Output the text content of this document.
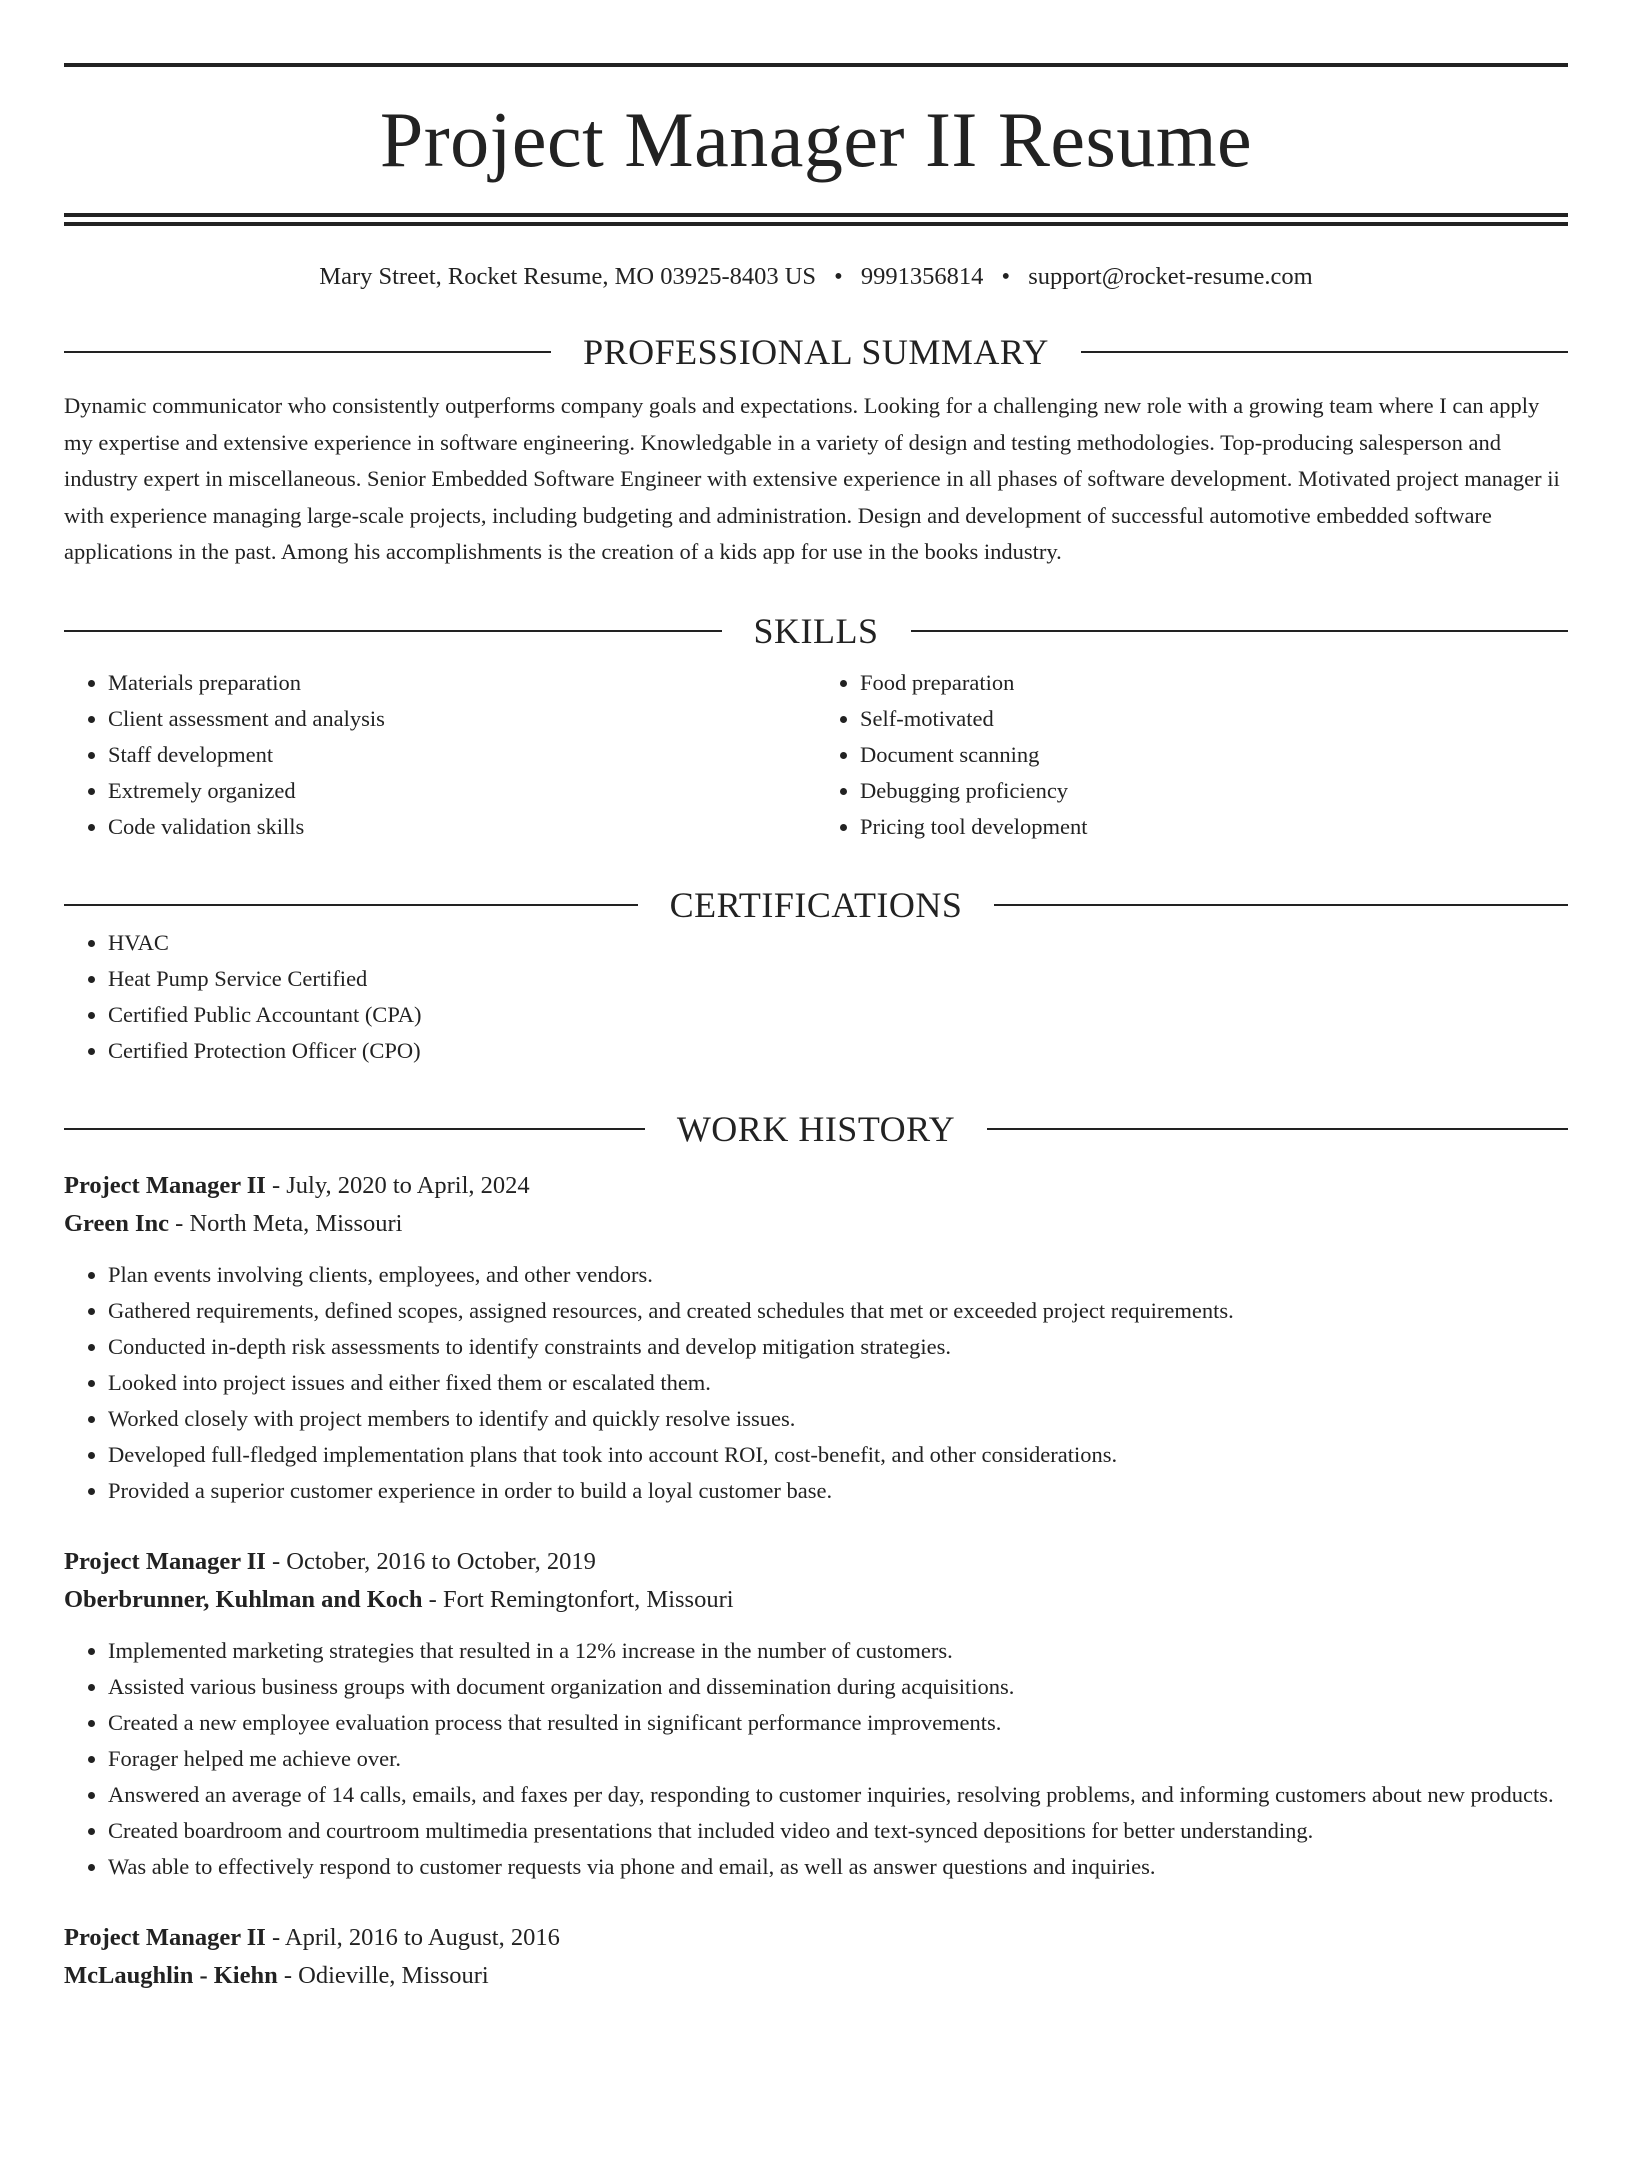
Project Manager II Resume
Mary Street, Rocket Resume, MO 03925-8403 US • 9991356814 • support@rocket-resume.com
PROFESSIONAL SUMMARY

Dynamic communicator who consistently outperforms company goals and expectations. Looking for a challenging new role with a growing team where I can apply my expertise and extensive experience in software engineering. Knowledgable in a variety of design and testing methodologies. Top-producing salesperson and industry expert in miscellaneous. Senior Embedded Software Engineer with extensive experience in all phases of software development. Motivated project manager ii with experience managing large-scale projects, including budgeting and administration. Design and development of successful automotive embedded software applications in the past. Among his accomplishments is the creation of a kids app for use in the books industry.

SKILLS
• Materials preparation
• Client assessment and analysis
• Staff development
• Extremely organized
• Code validation skills
• Food preparation
• Self-motivated
• Document scanning
• Debugging proficiency
• Pricing tool development
CERTIFICATIONS
• HVAC
• Heat Pump Service Certified
• Certified Public Accountant (CPA)
• Certified Protection Officer (CPO)
WORK HISTORY
Project Manager II - July, 2020 to April, 2024
Green Inc - North Meta, Missouri
• Plan events involving clients, employees, and other vendors.
• Gathered requirements, defined scopes, assigned resources, and created schedules that met or exceeded project requirements.
• Conducted in-depth risk assessments to identify constraints and develop mitigation strategies.
• Looked into project issues and either fixed them or escalated them.
• Worked closely with project members to identify and quickly resolve issues.
• Developed full-fledged implementation plans that took into account ROI, cost-benefit, and other considerations.
• Provided a superior customer experience in order to build a loyal customer base.
Project Manager II - October, 2016 to October, 2019
Oberbrunner, Kuhlman and Koch - Fort Remingtonfort, Missouri
• Implemented marketing strategies that resulted in a 12% increase in the number of customers.
• Assisted various business groups with document organization and dissemination during acquisitions.
• Created a new employee evaluation process that resulted in significant performance improvements.
• Forager helped me achieve over.
• Answered an average of 14 calls, emails, and faxes per day, responding to customer inquiries, resolving problems, and informing customers about new products.
• Created boardroom and courtroom multimedia presentations that included video and text-synced depositions for better understanding.
• Was able to effectively respond to customer requests via phone and email, as well as answer questions and inquiries.
Project Manager II - April, 2016 to August, 2016
McLaughlin - Kiehn - Odieville, Missouri
